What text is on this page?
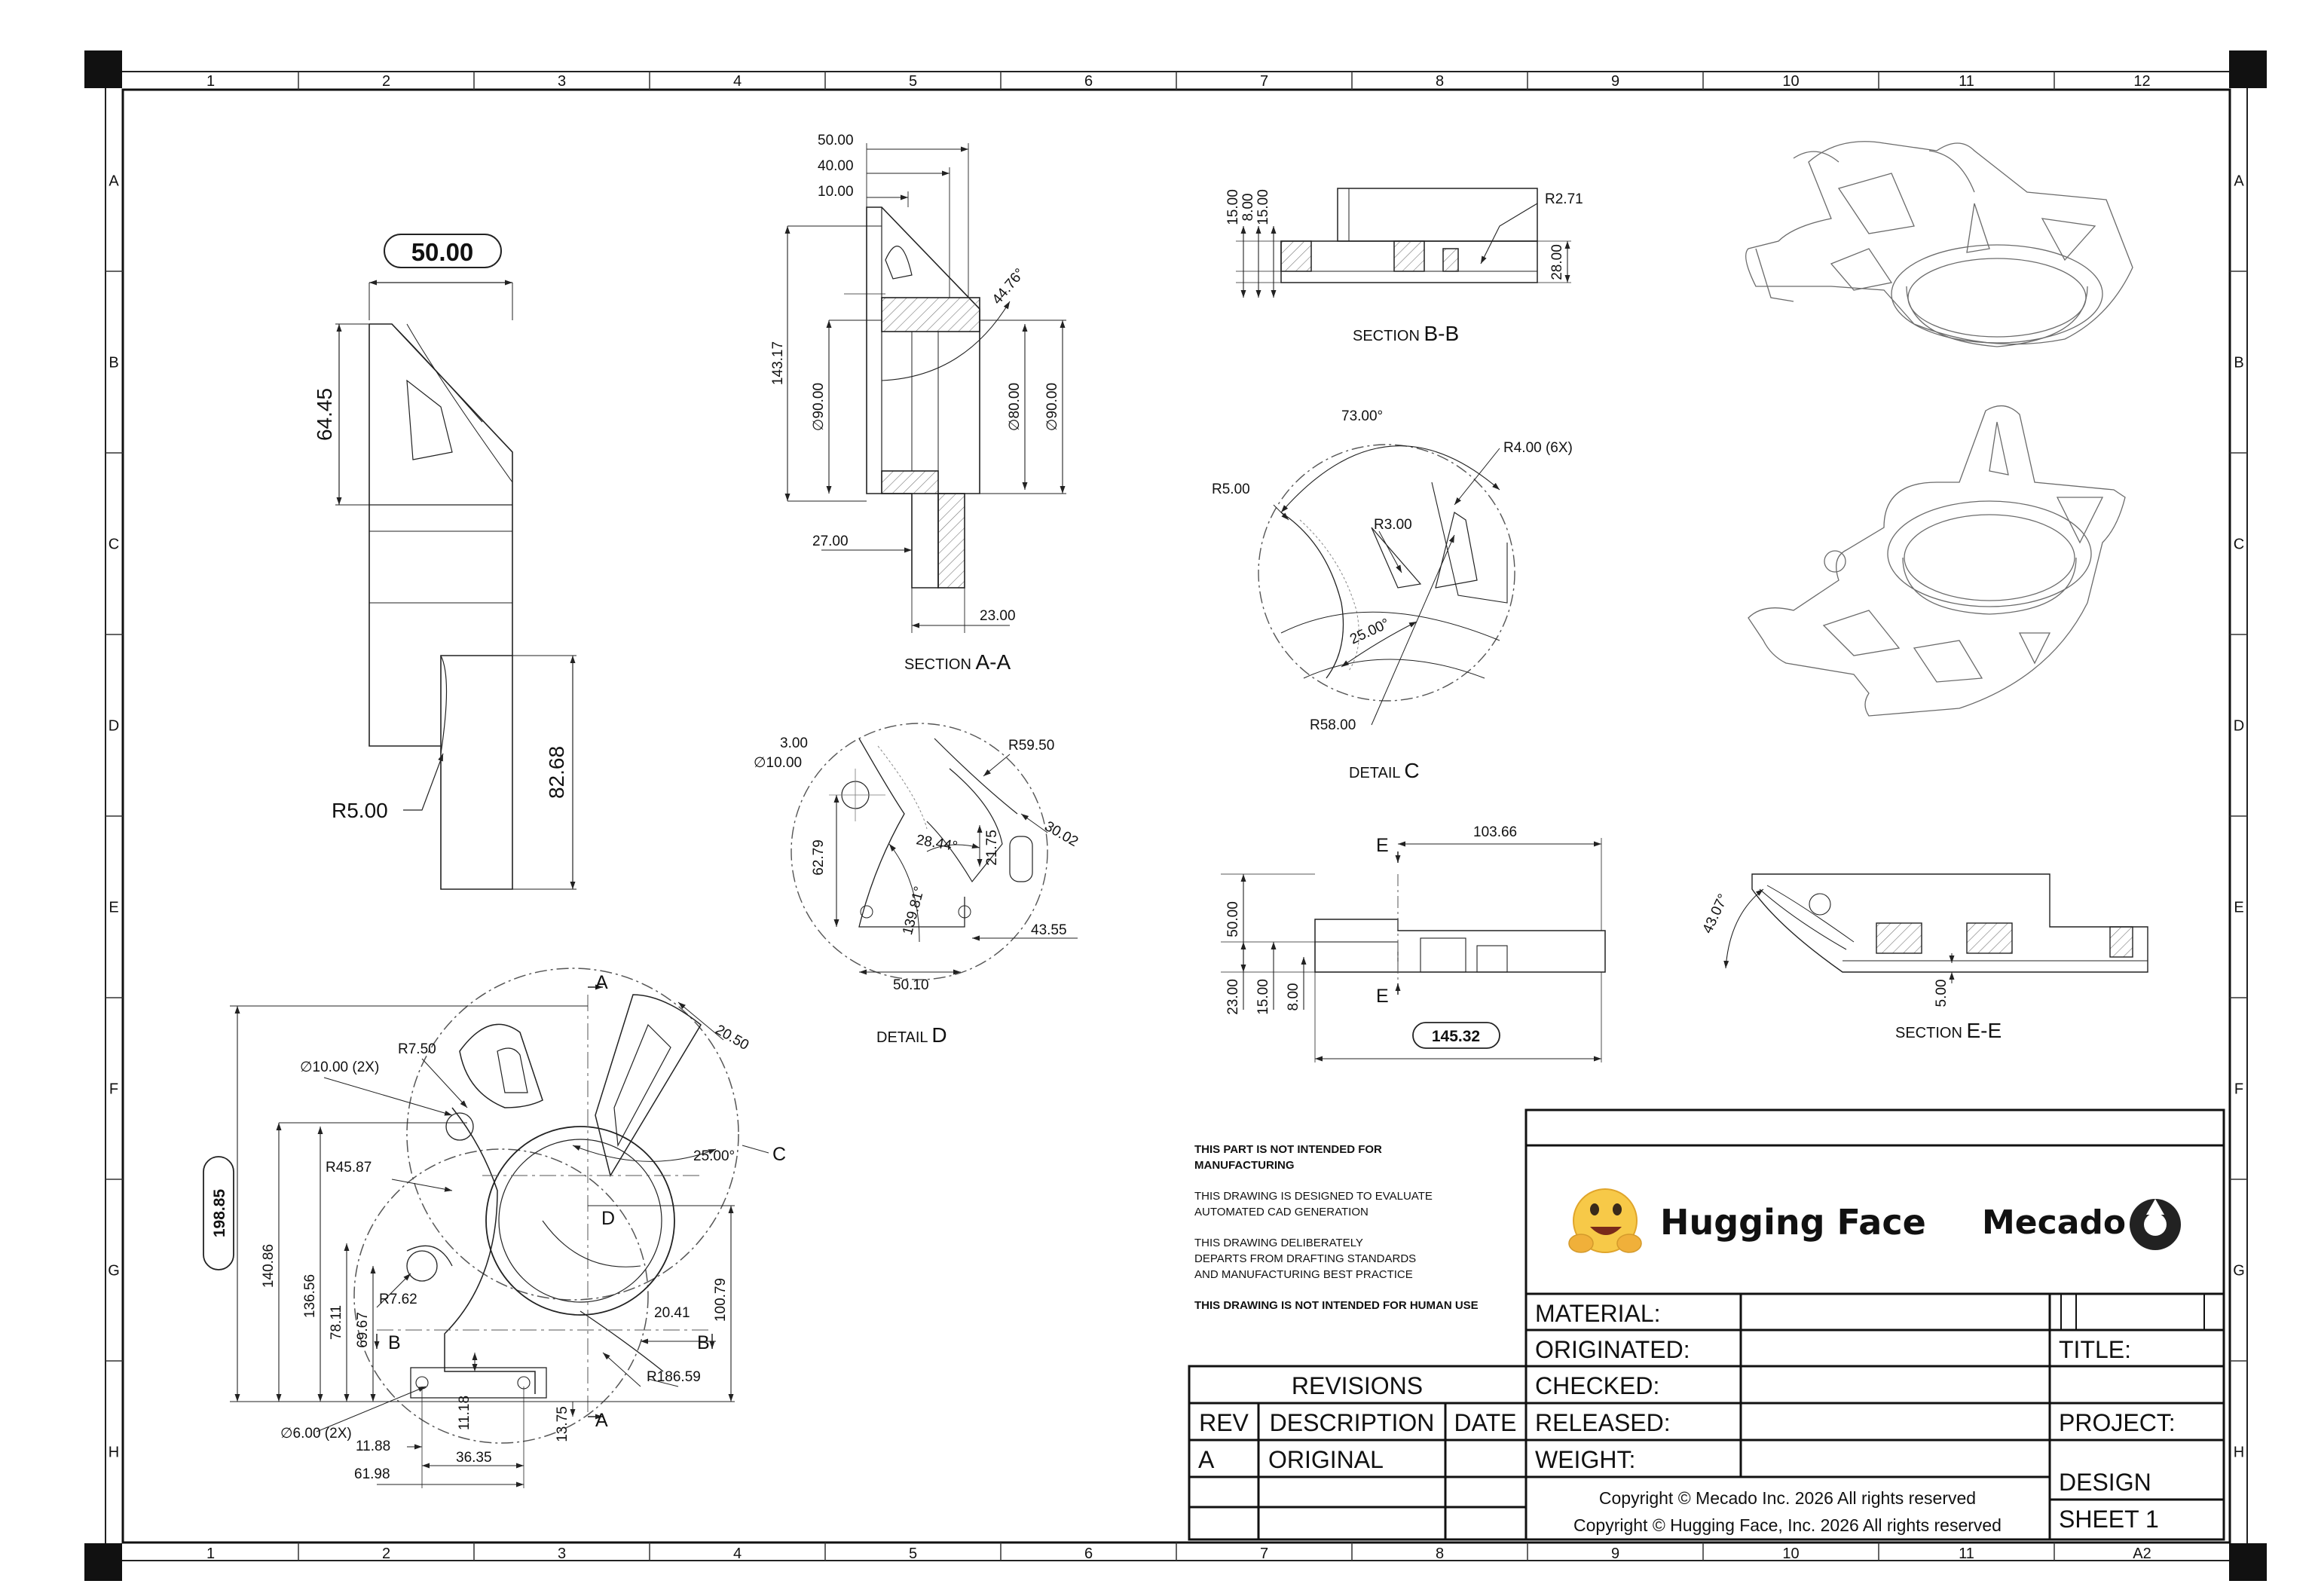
1
1
2
2
3
3
4
4
5
5
6
6
7
7
8
8
9
9
10
10
11
11
12
A2
A	A
B	B
C	C
D	D
E	E
F	F
G	G
H	H
50.00
64.45
82.68
R5.00
50.00
40.00
10.00
143.17
∅90.00	∅80.00 ∅90.00
44.76°
27.00
23.00
SECTION A-A
15.00 8.00 15.00	R2.71
28.00
SECTION B-B
73.00°
R4.00 (6X)
R5.00
R3.00
25.00°
R58.00
DETAIL C
3.00
∅10.00
R59.50
30.02
28.44° 21.75
62.79
139.81°	43.55
50.10
DETAIL D
198.85
140.86
136.56
78.11 69.67
∅10.00 (2X)
R7.50
R45.87
R7.62
20.50
25.00°
20.41 100.79
R186.59
11.18	13.75
∅6.00 (2X)
11.88
36.35
61.98
A
A
B	B
C
D
103.66
50.00
23.00 15.00 8.00
145.32
E
E
43.07°
5.00
SECTION E-E
THIS PART IS NOT INTENDED FOR
MANUFACTURING
THIS DRAWING IS DESIGNED TO EVALUATE
AUTOMATED CAD GENERATION
THIS DRAWING DELIBERATELY
DEPARTS FROM DRAFTING STANDARDS
AND MANUFACTURING BEST PRACTICE
THIS DRAWING IS NOT INTENDED FOR HUMAN USE
Hugging Face Mecado
MATERIAL:
ORIGINATED:
CHECKED:
RELEASED:
WEIGHT:
TITLE:
PROJECT:
DESIGN
SHEET 1
Copyright © Mecado Inc. 2026 All rights reserved
Copyright © Hugging Face, Inc. 2026 All rights reserved
REVISIONS
REV DESCRIPTION DATE
A ORIGINAL
